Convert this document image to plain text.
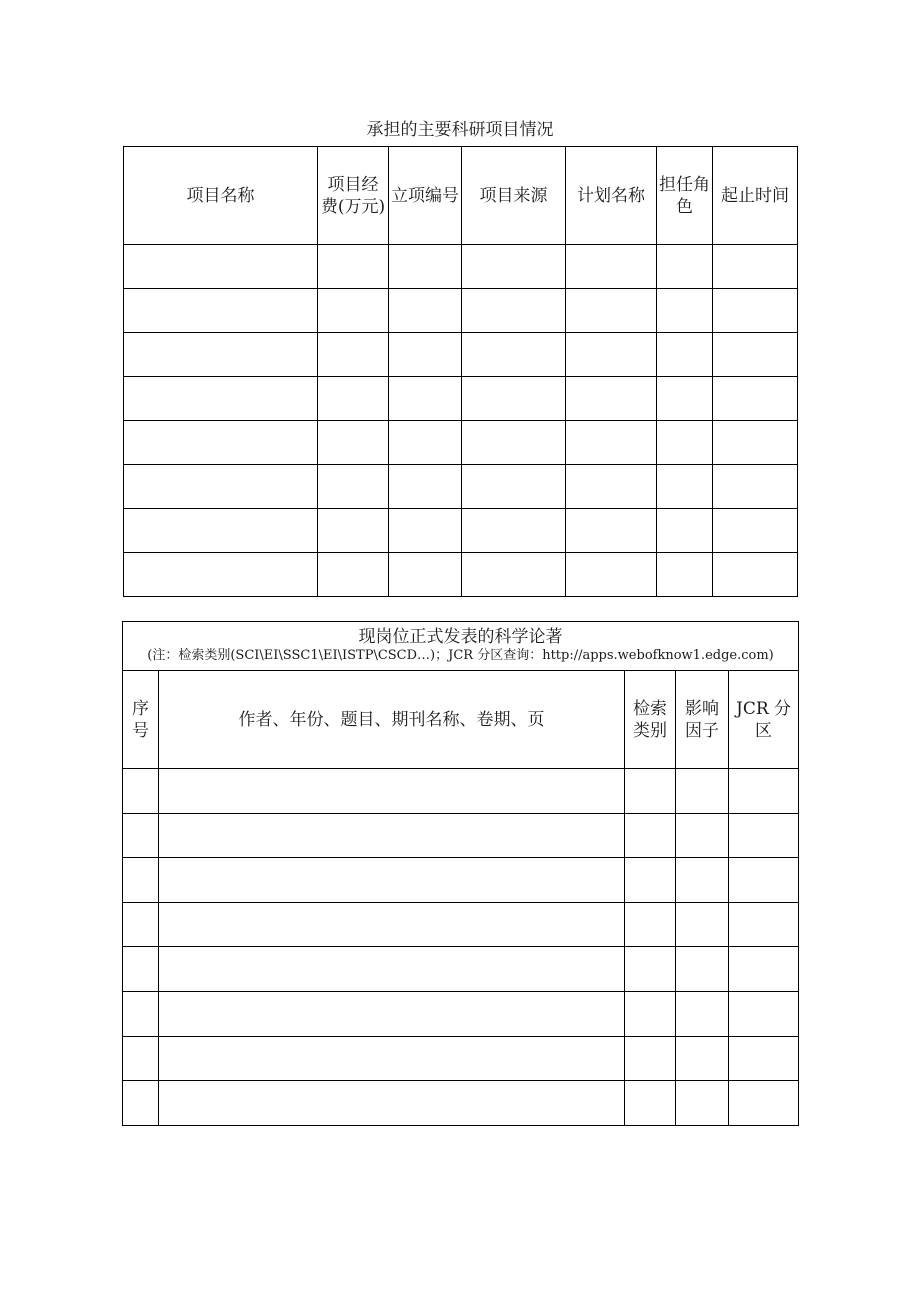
承担的主要科研项目情况
项目名称	项目经费(万元)	立项编号	项目来源	计划名称	担任角色	起止时间

现岗位正式发表的科学论著
(注：检索类别(SCI\EI\SSC1\EI\ISTP\CSCD…)；JCR 分区查询：http://apps.webofknow1.edge.com)				

序号	作者、年份、题目、期刊名称、卷期、页	检索类别	影响因子	JCR 分区
